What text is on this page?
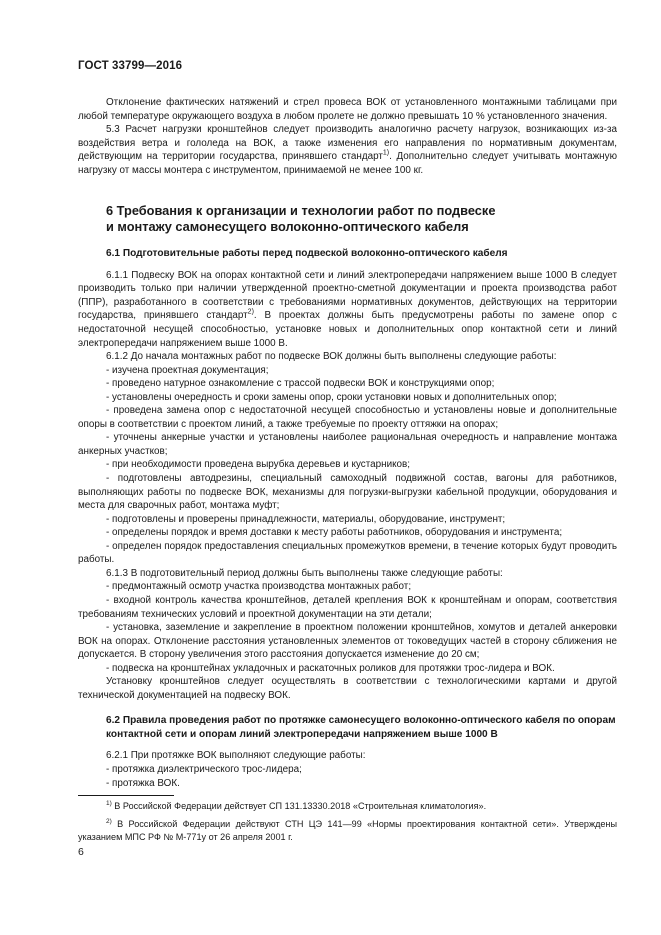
ГОСТ 33799—2016

Отклонение фактических натяжений и стрел провеса ВОК от установленного монтажными таблицами при любой температуре окружающего воздуха в любом пролете не должно превышать 10 % установленного значения.

5.3 Расчет нагрузки кронштейнов следует производить аналогично расчету нагрузок, возникающих из-за воздействия ветра и гололеда на ВОК, а также изменения его направления по нормативным документам, действующим на территории государства, принявшего стандарт$^{1)}$. Дополнительно следует учитывать монтажную нагрузку от массы монтера с инструментом, принимаемой не менее 100 кг.

6 Требования к организации и технологии работ по подвеске
и монтажу самонесущего волоконно-оптического кабеля
6.1 Подготовительные работы перед подвеской волоконно-оптического кабеля

6.1.1 Подвеску ВОК на опорах контактной сети и линий электропередачи напряжением выше 1000 В следует производить только при наличии утвержденной проектно-сметной документации и проекта производства работ (ППР), разработанного в соответствии с требованиями нормативных документов, действующих на территории государства, принявшего стандарт$^{2)}$. В проектах должны быть предусмотрены работы по замене опор с недостаточной несущей способностью, установке новых и дополнительных опор контактной сети и линий электропередачи напряжением выше 1000 В.

6.1.2 До начала монтажных работ по подвеске ВОК должны быть выполнены следующие работы:

- изучена проектная документация;

- проведено натурное ознакомление с трассой подвески ВОК и конструкциями опор;

- установлены очередность и сроки замены опор, сроки установки новых и дополнительных опор;

- проведена замена опор с недостаточной несущей способностью и установлены новые и дополнительные опоры в соответствии с проектом линий, а также требуемые по проекту оттяжки на опорах;

- уточнены анкерные участки и установлены наиболее рациональная очередность и направление монтажа анкерных участков;

- при необходимости проведена вырубка деревьев и кустарников;

- подготовлены автодрезины, специальный самоходный подвижной состав, вагоны для работников, выполняющих работы по подвеске ВОК, механизмы для погрузки-выгрузки кабельной продукции, оборудования и места для сварочных работ, монтажа муфт;

- подготовлены и проверены принадлежности, материалы, оборудование, инструмент;

- определены порядок и время доставки к месту работы работников, оборудования и инструмента;

- определен порядок предоставления специальных промежутков времени, в течение которых будут проводить работы.

6.1.3 В подготовительный период должны быть выполнены также следующие работы:

- предмонтажный осмотр участка производства монтажных работ;

- входной контроль качества кронштейнов, деталей крепления ВОК к кронштейнам и опорам, соответствия требованиям технических условий и проектной документации на эти детали;

- установка, заземление и закрепление в проектном положении кронштейнов, хомутов и деталей анкеровки ВОК на опорах. Отклонение расстояния установленных элементов от токоведущих частей в сторону сближения не допускается. В сторону увеличения этого расстояния допускается изменение до 20 см;

- подвеска на кронштейнах укладочных и раскаточных роликов для протяжки трос-лидера и ВОК.

Установку кронштейнов следует осуществлять в соответствии с технологическими картами и другой технической документацией на подвеску ВОК.

6.2 Правила проведения работ по протяжке самонесущего волоконно-оптического кабеля по опорам контактной сети и опорам линий электропередачи напряжением выше 1000 В

6.2.1 При протяжке ВОК выполняют следующие работы:

- протяжка диэлектрического трос-лидера;

- протяжка ВОК.

$^{1)}$ В Российской Федерации действует СП 131.13330.2018 «Строительная климатология».

$^{2)}$ В Российской Федерации действуют СТН ЦЭ 141—99 «Нормы проектирования контактной сети». Утверждены указанием МПС РФ № М-771у от 26 апреля 2001 г.

6
